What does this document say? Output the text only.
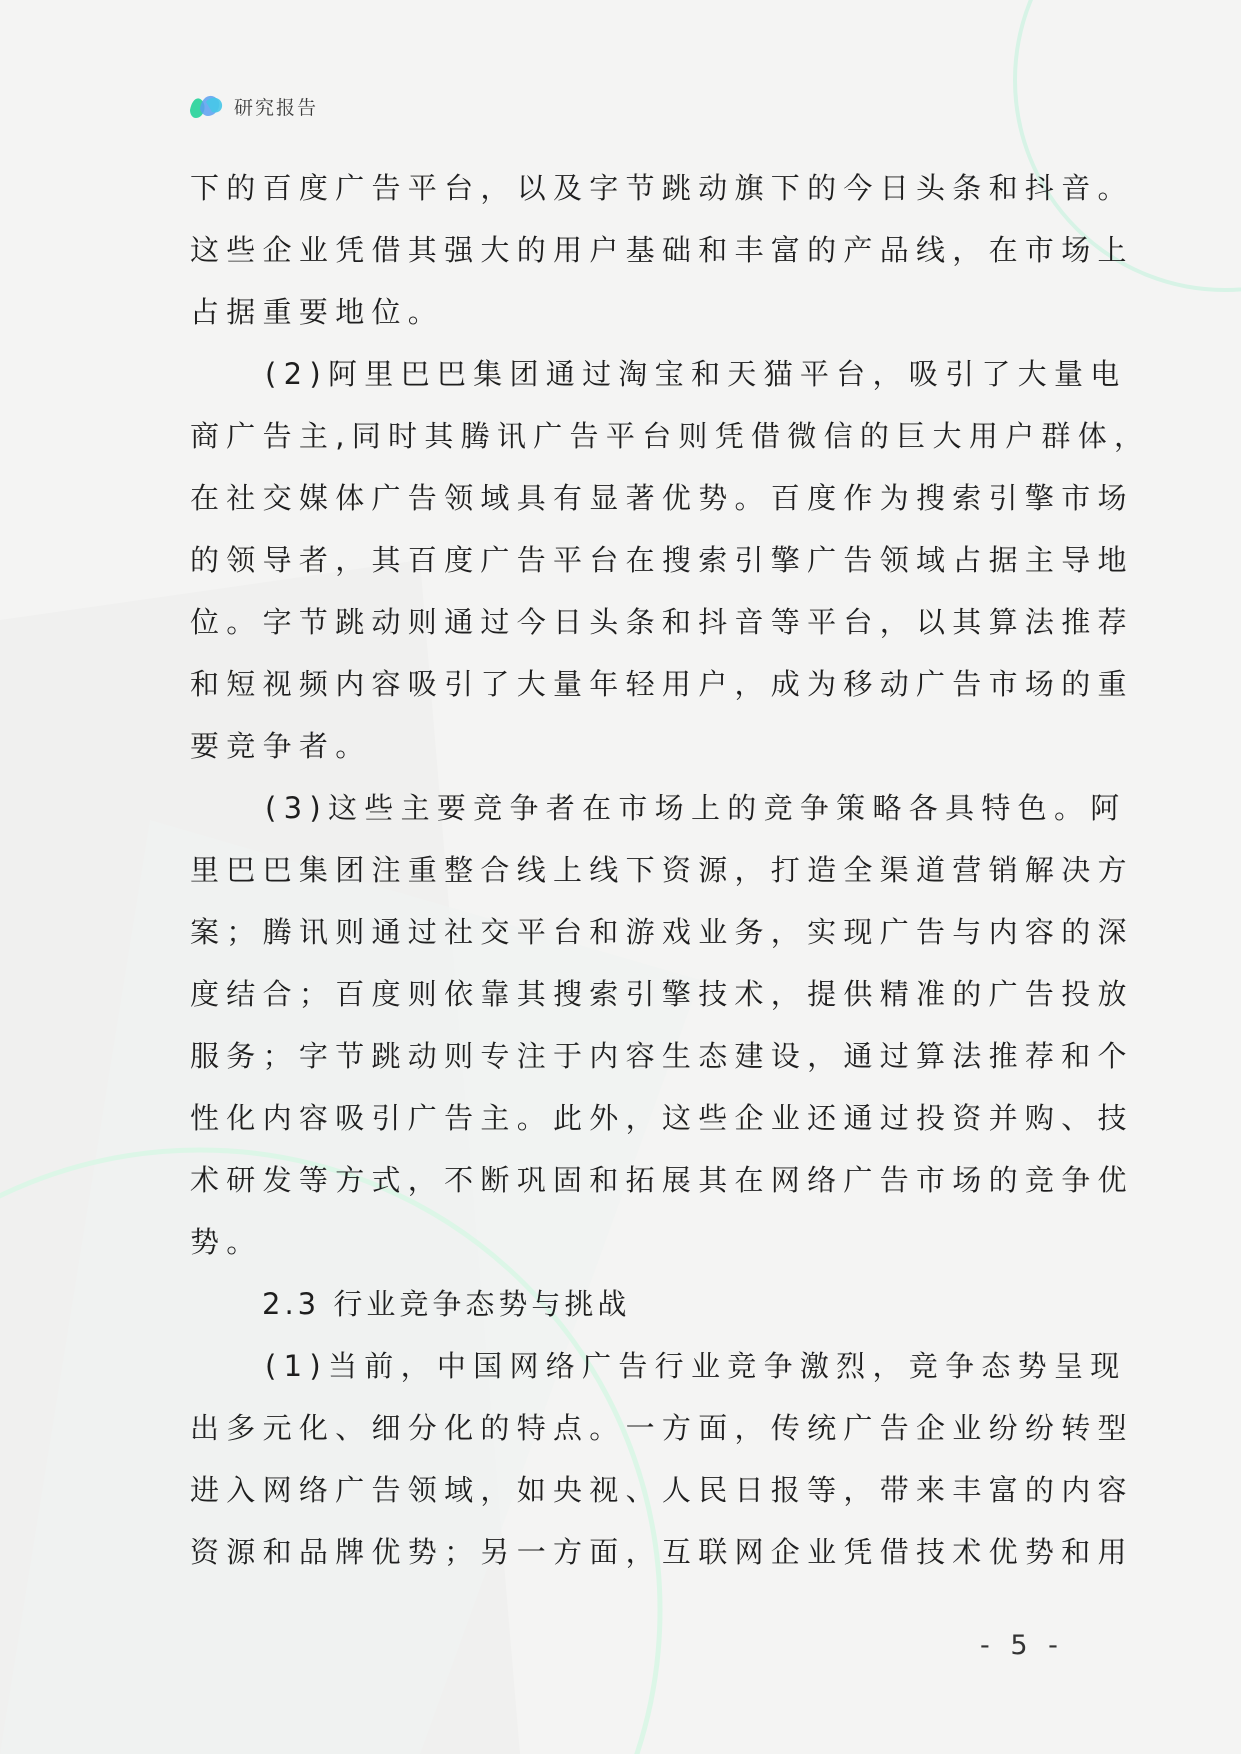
研究报告
下的百度广告平台，以及字节跳动旗下的今日头条和抖音。
这些企业凭借其强大的用户基础和丰富的产品线，在市场上
占据重要地位。
(2)阿里巴巴集团通过淘宝和天猫平台，吸引了大量电
商广告主,同时其腾讯广告平台则凭借微信的巨大用户群体，
在社交媒体广告领域具有显著优势。百度作为搜索引擎市场
的领导者，其百度广告平台在搜索引擎广告领域占据主导地
位。字节跳动则通过今日头条和抖音等平台，以其算法推荐
和短视频内容吸引了大量年轻用户，成为移动广告市场的重
要竞争者。
(3)这些主要竞争者在市场上的竞争策略各具特色。阿
里巴巴集团注重整合线上线下资源，打造全渠道营销解决方
案；腾讯则通过社交平台和游戏业务，实现广告与内容的深
度结合；百度则依靠其搜索引擎技术，提供精准的广告投放
服务；字节跳动则专注于内容生态建设，通过算法推荐和个
性化内容吸引广告主。此外，这些企业还通过投资并购、技
术研发等方式，不断巩固和拓展其在网络广告市场的竞争优
势。
2.3 行业竞争态势与挑战
(1)当前，中国网络广告行业竞争激烈，竞争态势呈现
出多元化、细分化的特点。一方面，传统广告企业纷纷转型
进入网络广告领域，如央视、人民日报等，带来丰富的内容
资源和品牌优势；另一方面，互联网企业凭借技术优势和用
- 5 -
